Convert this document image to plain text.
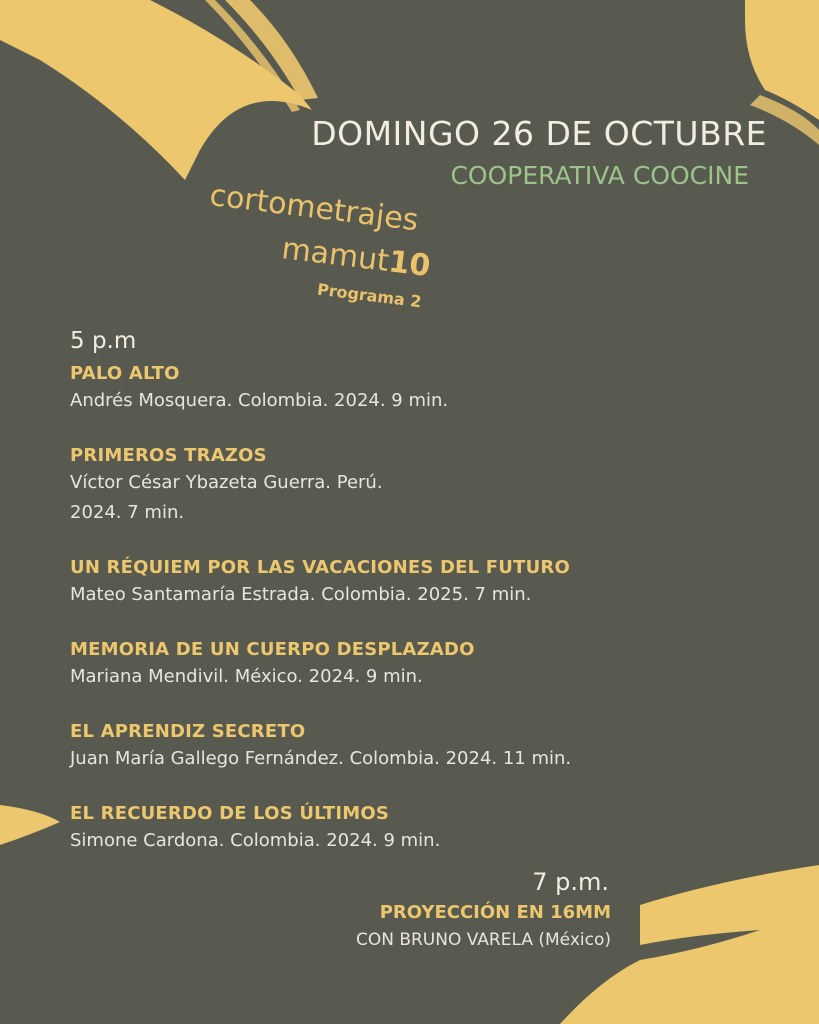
DOMINGO 26 DE OCTUBRE
COOPERATIVA COOCINE
cortometrajes
mamut10
Programa 2
5 p.m
PALO ALTO
Andrés Mosquera. Colombia. 2024. 9 min.
PRIMEROS TRAZOS
Víctor César Ybazeta Guerra. Perú.
2024. 7 min.
UN RÉQUIEM POR LAS VACACIONES DEL FUTURO
Mateo Santamaría Estrada. Colombia. 2025. 7 min.
MEMORIA DE UN CUERPO DESPLAZADO
Mariana Mendivil. México. 2024. 9 min.
EL APRENDIZ SECRETO
Juan María Gallego Fernández. Colombia. 2024. 11 min.
EL RECUERDO DE LOS ÚLTIMOS
Simone Cardona. Colombia. 2024. 9 min.
7 p.m.
PROYECCIÓN EN 16MM
CON BRUNO VARELA (México)
